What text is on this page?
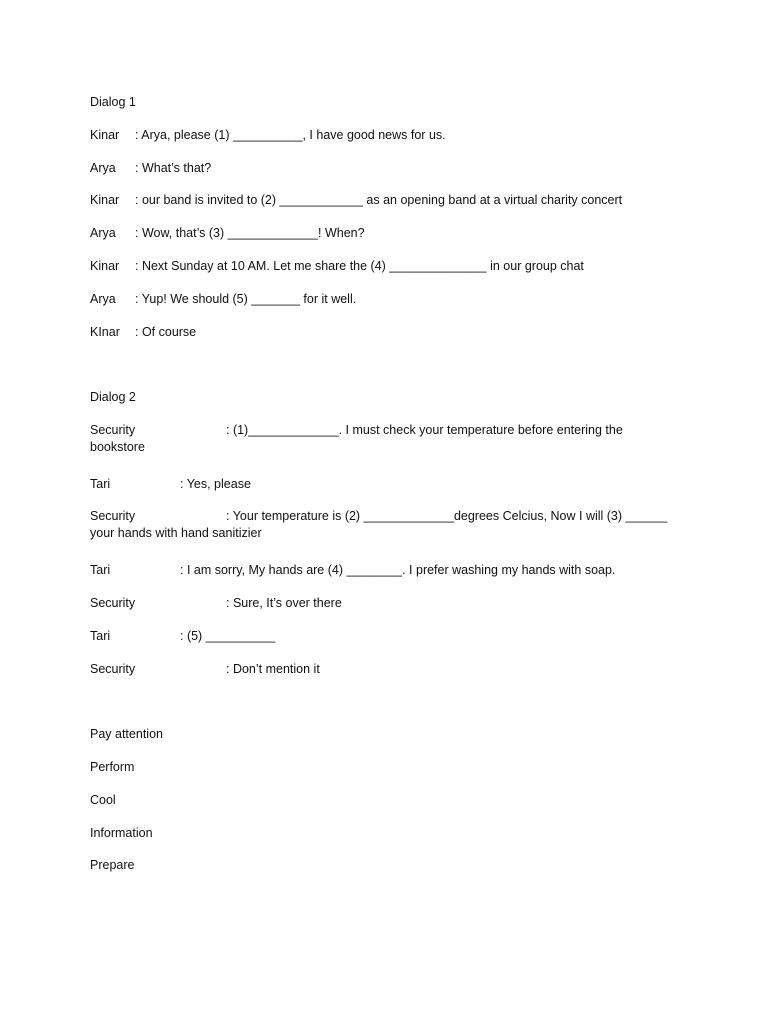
Dialog 1
Kinar : Arya, please (1) __________, I have good news for us.
Arya : What’s that?
Kinar : our band is invited to (2) ____________ as an opening band at a virtual charity concert
Arya : Wow, that’s (3) _____________! When?
Kinar : Next Sunday at 10 AM. Let me share the (4) ______________ in our group chat
Arya : Yup! We should (5) _______ for it well.
KInar : Of course
Dialog 2
Security	: (1)_____________. I must check your temperature before entering the
bookstore
Tari	: Yes, please
Security	: Your temperature is (2) _____________degrees Celcius, Now I will (3) ______
your hands with hand sanitizier
Tari	: I am sorry, My hands are (4) ________. I prefer washing my hands with soap.
Security	: Sure, It’s over there
Tari	: (5) __________
Security	: Don’t mention it
Pay attention
Perform
Cool
Information
Prepare
